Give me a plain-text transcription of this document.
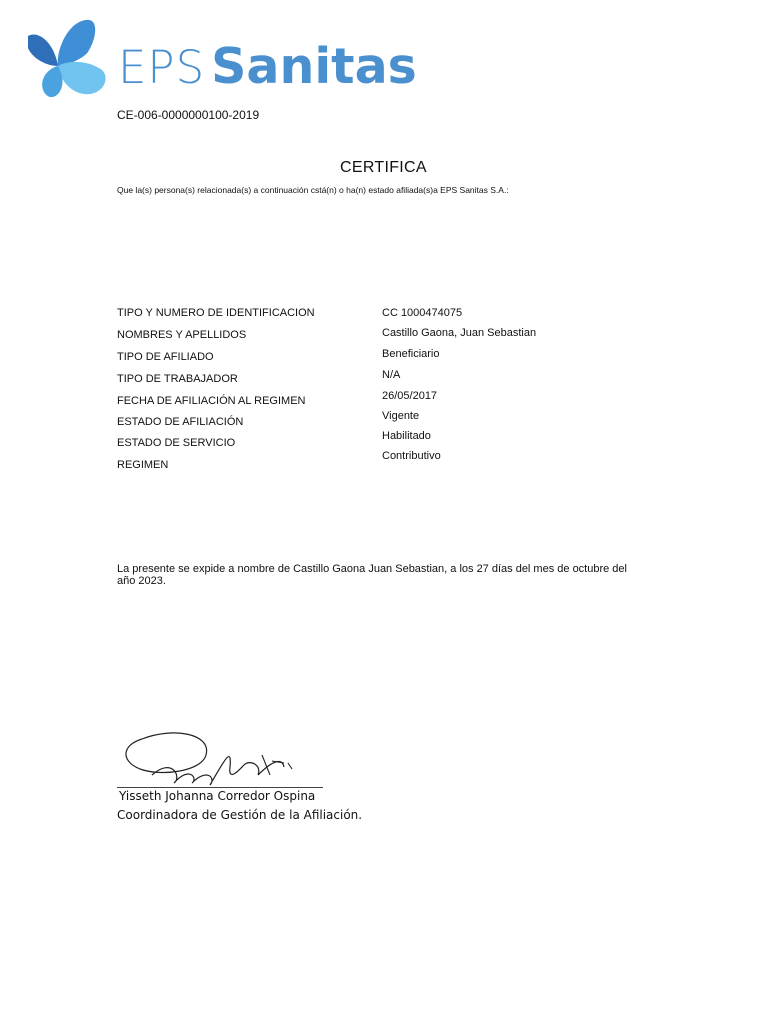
EPS Sanitas
CE-006-0000000100-2019
CERTIFICA
Que la(s) persona(s) relacionada(s) a continuación cstá(n) o ha(n) estado afiliada(s)a EPS Sanitas S.A.:
TIPO Y NUMERO DE IDENTIFICACION
NOMBRES Y APELLIDOS
TIPO DE AFILIADO
TIPO DE TRABAJADOR
FECHA DE AFILIACIÓN AL REGIMEN
ESTADO DE AFILIACIÓN
ESTADO DE SERVICIO
REGIMEN
CC 1000474075
Castillo Gaona, Juan Sebastian
Beneficiario
N/A
26/05/2017
Vigente
Habilitado
Contributivo
La presente se expide a nombre de Castillo Gaona Juan Sebastian, a los 27 días del mes de octubre del año 2023.
Yisseth Johanna Corredor Ospina
Coordinadora de Gestión de la Afiliación.
